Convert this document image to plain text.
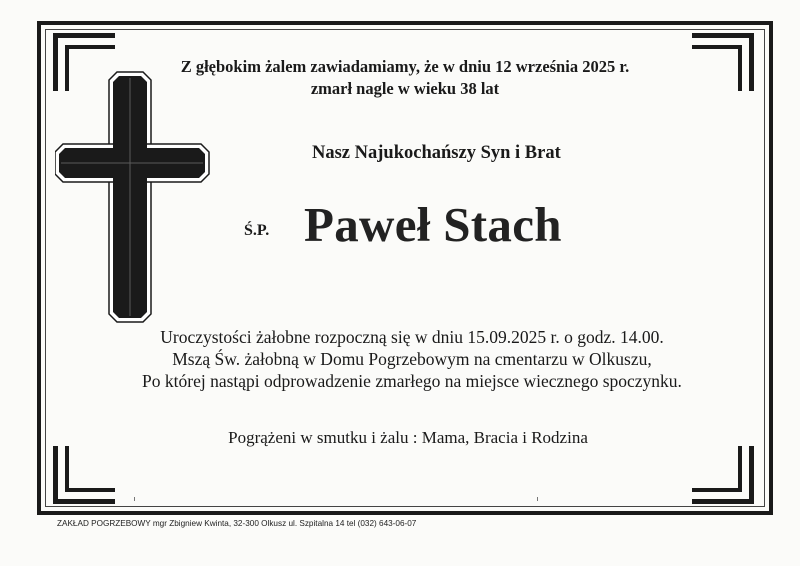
Z głębokim żalem zawiadamiamy, że w dniu 12 września 2025 r.

zmarł nagle w wieku 38 lat

Nasz Najukochańszy Syn i Brat
Ś.P. Paweł Stach

Uroczystości żałobne rozpoczną się w dniu 15.09.2025 r. o godz. 14.00.

Mszą Św. żałobną w Domu Pogrzebowym na cmentarzu w Olkuszu,

Po której nastąpi odprowadzenie zmarłego na miejsce wiecznego spoczynku.

Pogrążeni w smutku i żalu : Mama, Bracia i Rodzina

ZAKŁAD POGRZEBOWY mgr Zbigniew Kwinta, 32-300 Olkusz ul. Szpitalna 14 tel (032) 643-06-07
